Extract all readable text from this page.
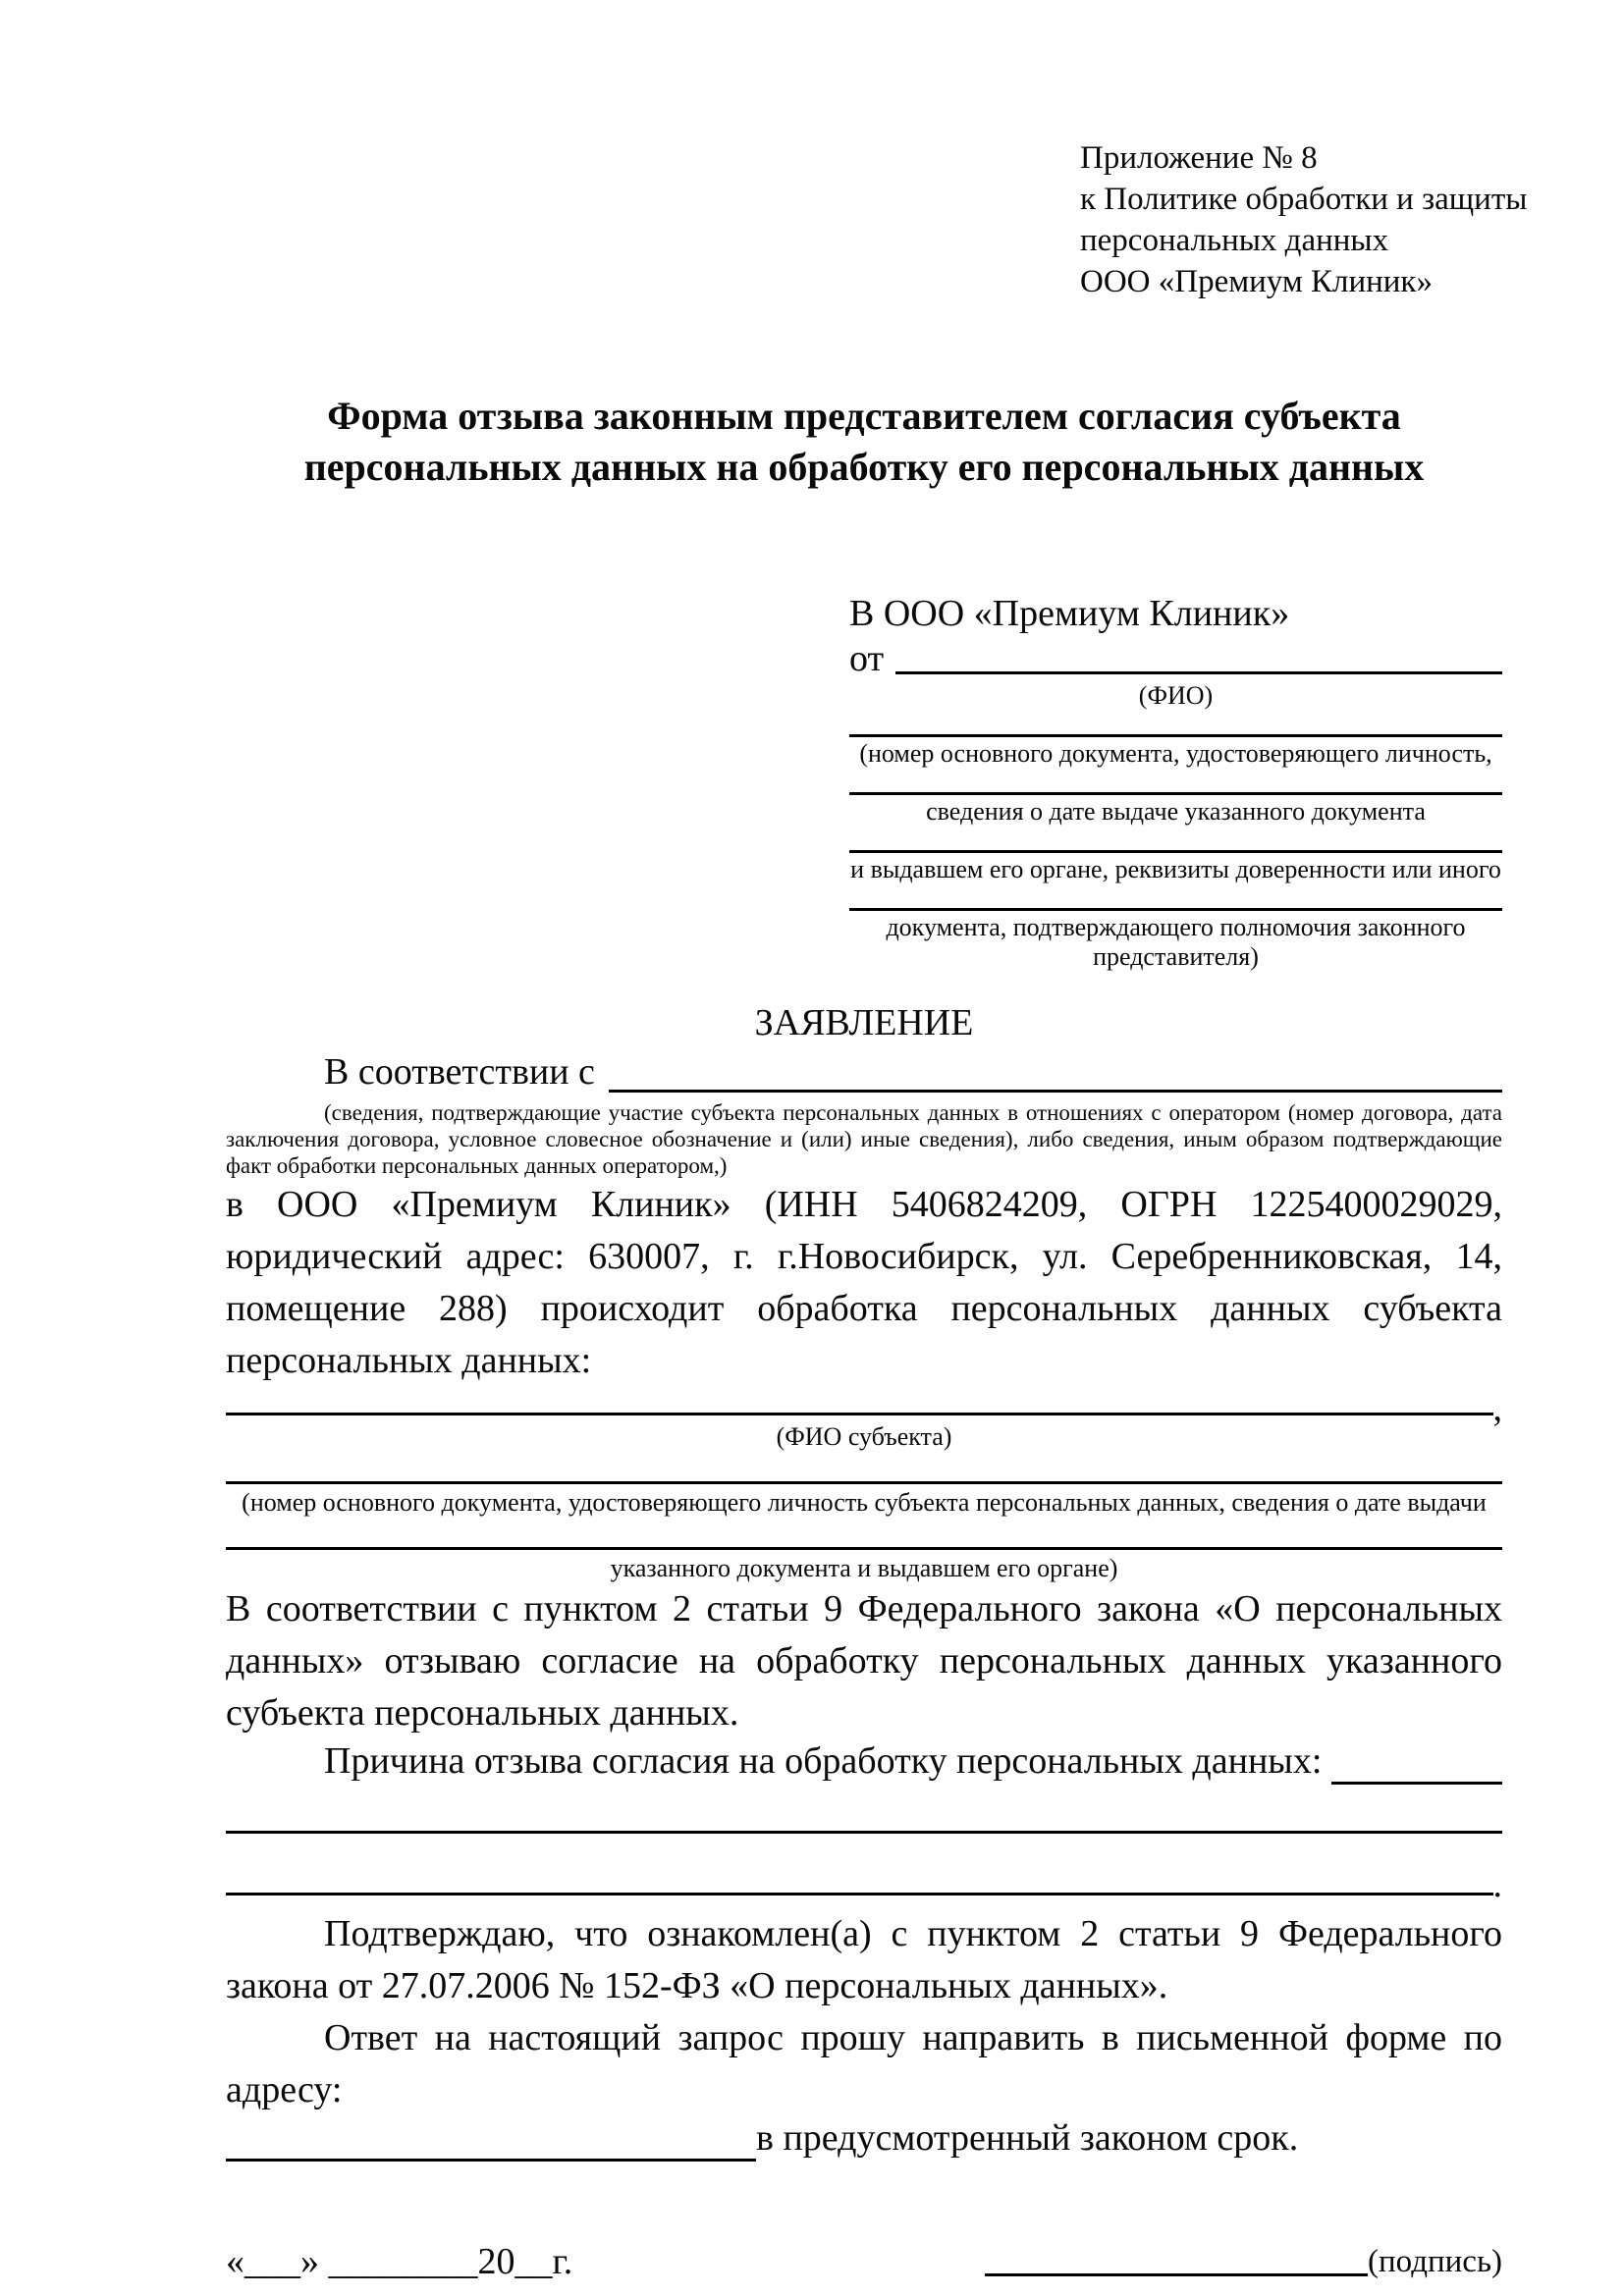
Приложение № 8
к Политике обработки и защиты
персональных данных
ООО «Премиум Клиник»
Форма отзыва законным представителем согласия субъекта персональных данных на обработку его персональных данных
В ООО «Премиум Клиник»
от
(ФИО)
(номер основного документа, удостоверяющего личность,
сведения о дате выдаче указанного документа
и выдавшем его органе, реквизиты доверенности или иного
документа, подтверждающего полномочия законного представителя)
ЗАЯВЛЕНИЕ
В соответствии с
(сведения, подтверждающие участие субъекта персональных данных в отношениях с оператором (номер договора, дата заключения договора, условное словесное обозначение и (или) иные сведения), либо сведения, иным образом подтверждающие факт обработки персональных данных оператором,)
в ООО «Премиум Клиник» (ИНН 5406824209, ОГРН 1225400029029, юридический адрес: 630007, г. г.Новосибирск, ул. Серебренниковская, 14, помещение 288) происходит обработка персональных данных субъекта персональных данных:
,
(ФИО субъекта)
(номер основного документа, удостоверяющего личность субъекта персональных данных, сведения о дате выдачи
указанного документа и выдавшем его органе)
В соответствии с пунктом 2 статьи 9 Федерального закона «О персональных данных» отзываю согласие на обработку персональных данных указанного субъекта персональных данных.
Причина отзыва согласия на обработку персональных данных:
.
Подтверждаю, что ознакомлен(а) с пунктом 2 статьи 9 Федерального закона от 27.07.2006 № 152-ФЗ «О персональных данных».
Ответ на настоящий запрос прошу направить в письменной форме по адресу:
в предусмотренный законом срок.
«___» ________20__г.	(подпись)
